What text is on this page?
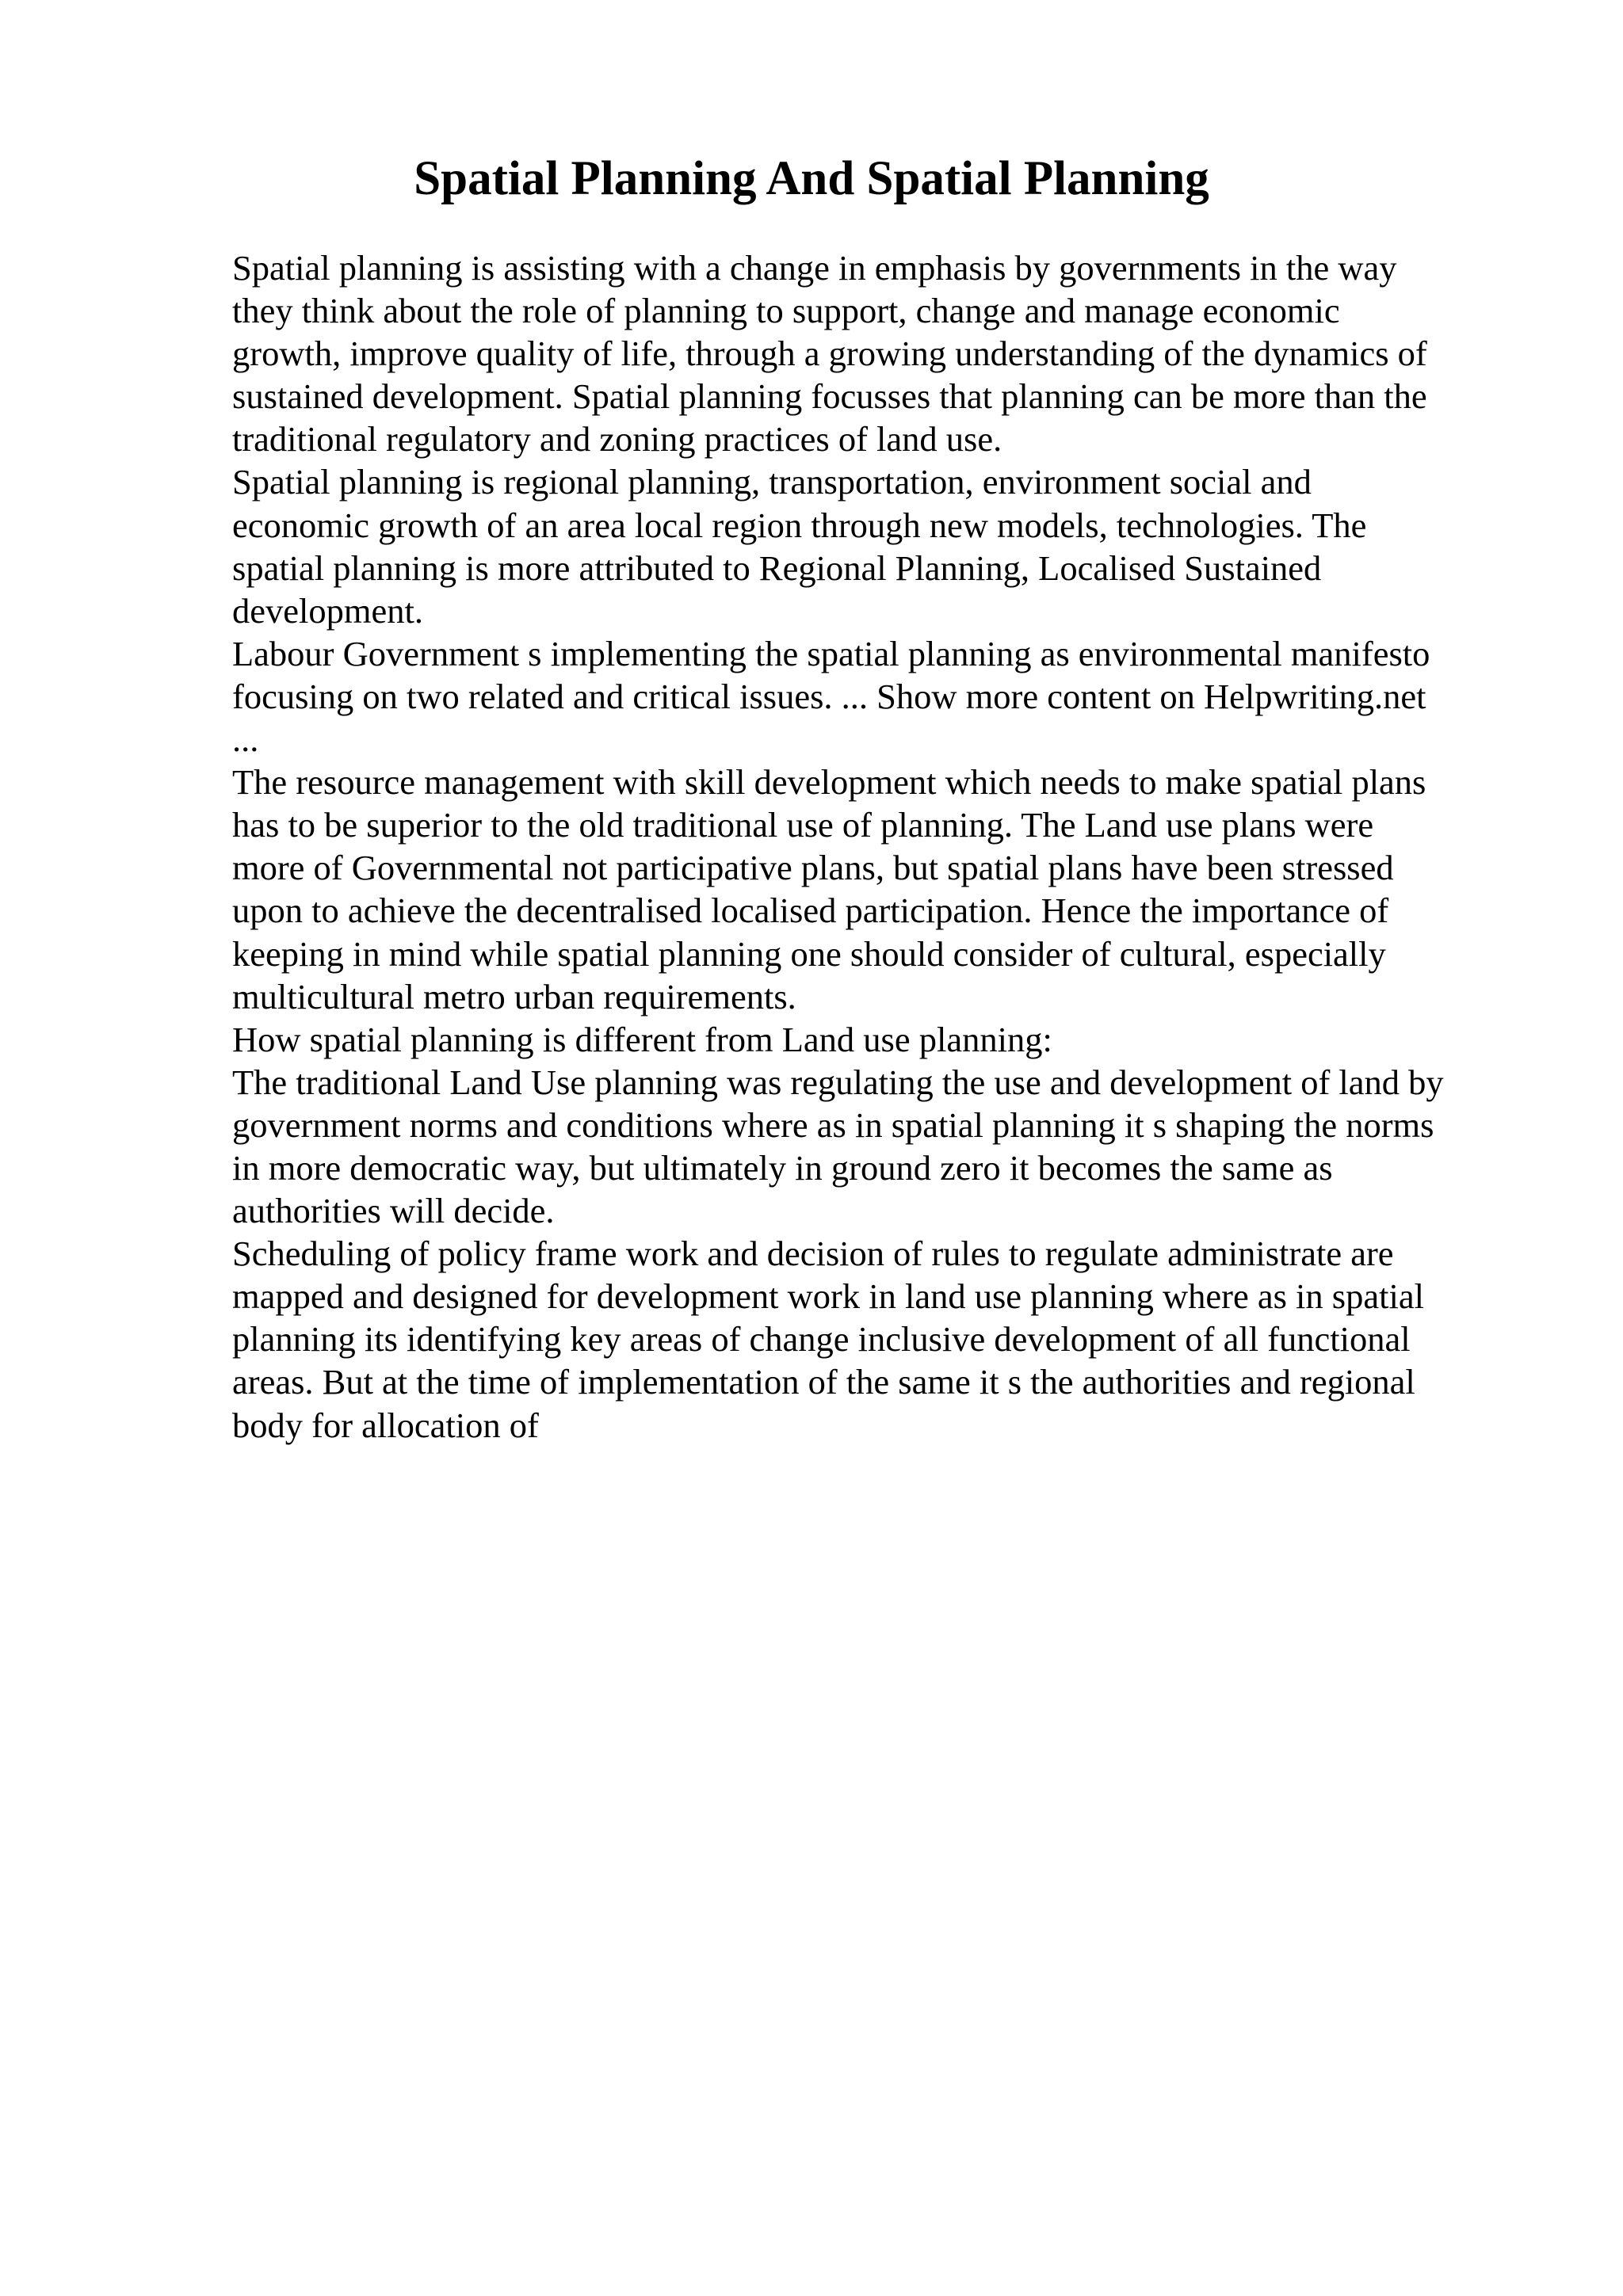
Spatial Planning And Spatial Planning
Spatial planning is assisting with a change in emphasis by governments in the way
they think about the role of planning to support, change and manage economic
growth, improve quality of life, through a growing understanding of the dynamics of
sustained development. Spatial planning focusses that planning can be more than the
traditional regulatory and zoning practices of land use.
Spatial planning is regional planning, transportation, environment social and
economic growth of an area local region through new models, technologies. The
spatial planning is more attributed to Regional Planning, Localised Sustained
development.
Labour Government s implementing the spatial planning as environmental manifesto
focusing on two related and critical issues. ... Show more content on Helpwriting.net
...
The resource management with skill development which needs to make spatial plans
has to be superior to the old traditional use of planning. The Land use plans were
more of Governmental not participative plans, but spatial plans have been stressed
upon to achieve the decentralised localised participation. Hence the importance of
keeping in mind while spatial planning one should consider of cultural, especially
multicultural metro urban requirements.
How spatial planning is different from Land use planning:
The traditional Land Use planning was regulating the use and development of land by
government norms and conditions where as in spatial planning it s shaping the norms
in more democratic way, but ultimately in ground zero it becomes the same as
authorities will decide.
Scheduling of policy frame work and decision of rules to regulate administrate are
mapped and designed for development work in land use planning where as in spatial
planning its identifying key areas of change inclusive development of all functional
areas. But at the time of implementation of the same it s the authorities and regional
body for allocation of
